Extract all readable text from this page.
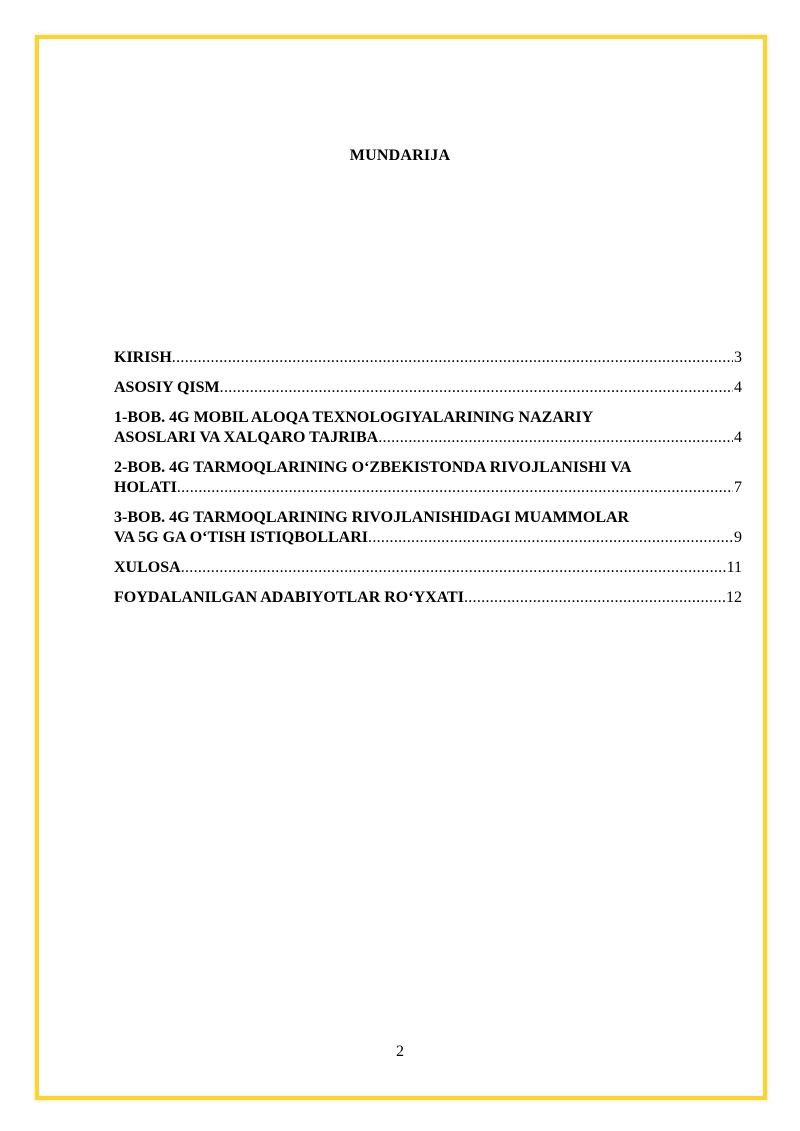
MUNDARIJA
KIRISH .....	3
ASOSIY QISM .....	4
1-BOB. 4G MOBIL ALOQA TEXNOLOGIYALARINING NAZARIY
ASOSLARI VA XALQARO TAJRIBA .....	4
2-BOB. 4G TARMOQLARINING O‘ZBEKISTONDA RIVOJLANISHI VA
HOLATI .....	7
3-BOB. 4G TARMOQLARINING RIVOJLANISHIDAGI MUAMMOLAR
VA 5G GA O‘TISH ISTIQBOLLARI .....	9
XULOSA .....	11
FOYDALANILGAN ADABIYOTLAR RO‘YXATI .....	12
2
